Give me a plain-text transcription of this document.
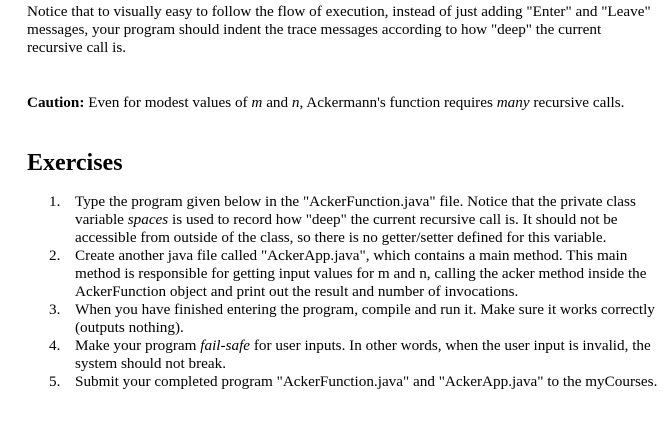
Notice that to visually easy to follow the flow of execution, instead of just adding "Enter" and "Leave" messages, your program should indent the trace messages according to how "deep" the current recursive call is.

Caution: Even for modest values of m and n, Ackermann's function requires many recursive calls.

Exercises
1. Type the program given below in the "AckerFunction.java" file. Notice that the private class variable spaces is used to record how "deep" the current recursive call is. It should not be accessible from outside of the class, so there is no getter/setter defined for this variable.
2. Create another java file called "AckerApp.java", which contains a main method. This main method is responsible for getting input values for m and n, calling the acker method inside the AckerFunction object and print out the result and number of invocations.
3. When you have finished entering the program, compile and run it. Make sure it works correctly (outputs nothing).
4. Make your program fail-safe for user inputs. In other words, when the user input is invalid, the system should not break.
5. Submit your completed program "AckerFunction.java" and "AckerApp.java" to the myCourses.
